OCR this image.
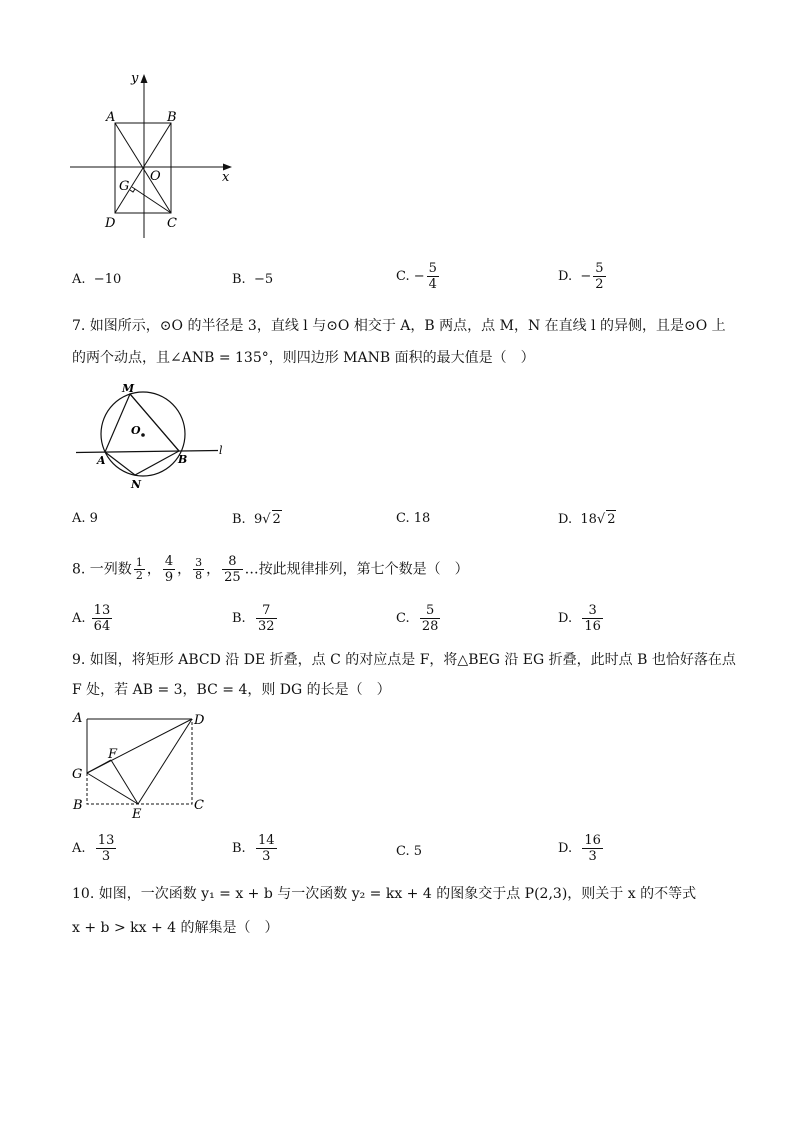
y
x
A	B
O
G
D	C
A. −10	B. −5	C. − $\frac{5}{4}$	D. − $\frac{5}{2}$
7. 如图所示，⊙O 的半径是 3，直线 l 与⊙O 相交于 A，B 两点，点 M，N 在直线 l 的异侧，且是⊙O 上
的两个动点，且∠ANB = 135°，则四边形 MANB 面积的最大值是（　）
M
O
A	B
N
l
A. 9	B. 9√ 2	C. 18	D. 18√ 2
8. 一列数 $\frac{1}{2}$ ， $\frac{4}{9}$ ， $\frac{3}{8}$ ， $\frac{8}{25}$ …按此规律排列，第七个数是（　）
A. $\frac{13}{64}$	B. $\frac{7}{32}$	C. $\frac{5}{28}$	D. $\frac{3}{16}$
9. 如图，将矩形 ABCD 沿 DE 折叠，点 C 的对应点是 F，将△BEG 沿 EG 折叠，此时点 B 也恰好落在点
F 处，若 AB = 3，BC = 4，则 DG 的长是（　）
A	D
F
G
B
E
C
A. $\frac{13}{3}$	B. $\frac{14}{3}$	C. 5	D. $\frac{16}{3}$
10. 如图，一次函数 y₁ = x + b 与一次函数 y₂ = kx + 4 的图象交于点 P(2,3)，则关于 x 的不等式
x + b > kx + 4 的解集是（　）
